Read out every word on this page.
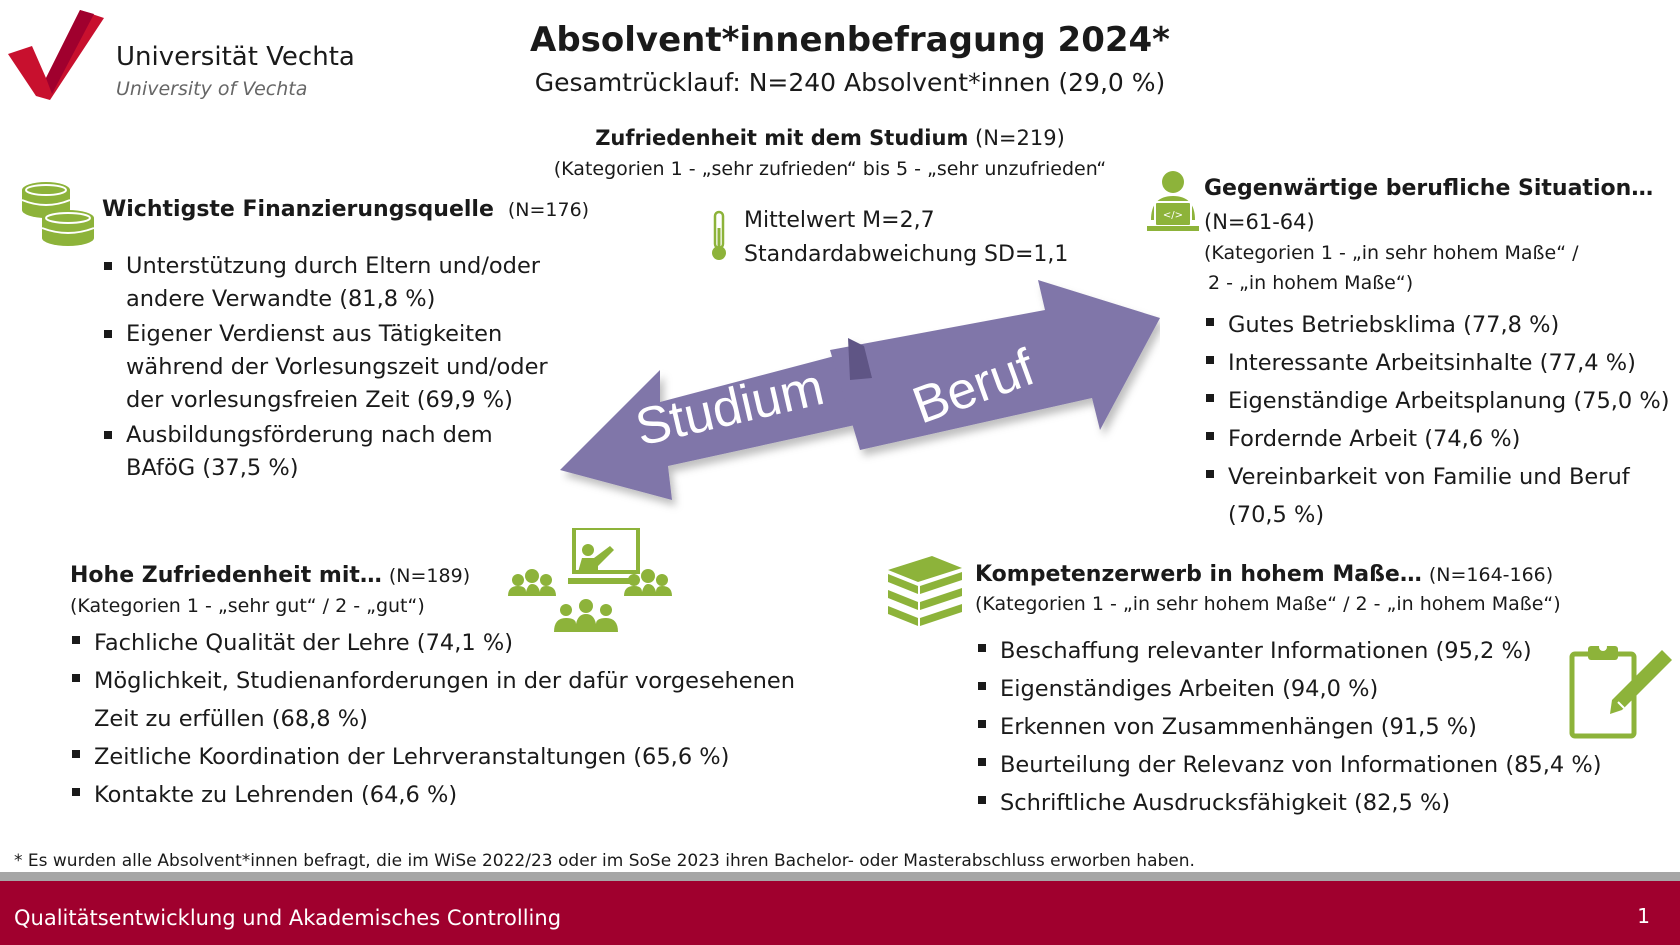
Universität Vechta
University of Vechta
Absolvent*innenbefragung 2024*
Gesamtrücklauf: N=240 Absolvent*innen (29,0 %)
Zufriedenheit mit dem Studium (N=219)
(Kategorien 1 - „sehr zufrieden“ bis 5 - „sehr unzufrieden“
Mittelwert M=2,7
Standardabweichung SD=1,1
Wichtigste Finanzierungsquelle (N=176)
Unterstützung durch Eltern und/oder
andere Verwandte (81,8 %)
Eigener Verdienst aus Tätigkeiten
während der Vorlesungszeit und/oder
der vorlesungsfreien Zeit (69,9 %)
Ausbildungsförderung nach dem
BAföG (37,5 %)
Studium Beruf
</>
Gegenwärtige berufliche Situation…
(N=61-64)
(Kategorien 1 - „in sehr hohem Maße“ /
2 - „in hohem Maße“)
Gutes Betriebsklima (77,8 %)
Interessante Arbeitsinhalte (77,4 %)
Eigenständige Arbeitsplanung (75,0 %)
Fordernde Arbeit (74,6 %)
Vereinbarkeit von Familie und Beruf
(70,5 %)
Hohe Zufriedenheit mit… (N=189)
(Kategorien 1 - „sehr gut“ / 2 - „gut“)
Fachliche Qualität der Lehre (74,1 %)
Möglichkeit, Studienanforderungen in der dafür vorgesehenen
Zeit zu erfüllen (68,8 %)
Zeitliche Koordination der Lehrveranstaltungen (65,6 %)
Kontakte zu Lehrenden (64,6 %)
Kompetenzerwerb in hohem Maße… (N=164-166)
(Kategorien 1 - „in sehr hohem Maße“ / 2 - „in hohem Maße“)
Beschaffung relevanter Informationen (95,2 %)
Eigenständiges Arbeiten (94,0 %)
Erkennen von Zusammenhängen (91,5 %)
Beurteilung der Relevanz von Informationen (85,4 %)
Schriftliche Ausdrucksfähigkeit (82,5 %)
* Es wurden alle Absolvent*innen befragt, die im WiSe 2022/23 oder im SoSe 2023 ihren Bachelor- oder Masterabschluss erworben haben.
Qualitätsentwicklung und Akademisches Controlling	1
